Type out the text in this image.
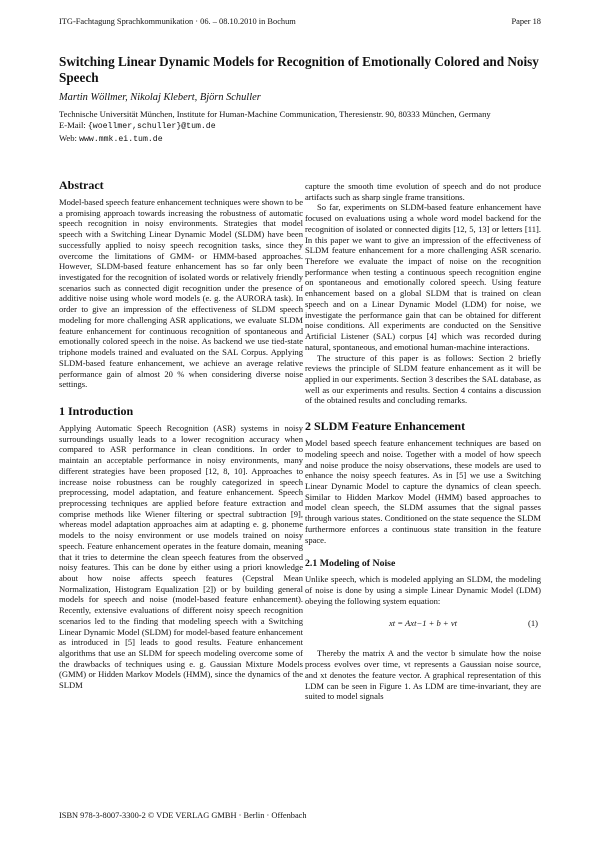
ITG-Fachtagung Sprachkommunikation · 06. – 08.10.2010 in Bochum	Paper 18
Switching Linear Dynamic Models for Recognition of Emotionally Colored and Noisy Speech
Martin Wöllmer, Nikolaj Klebert, Björn Schuller
Technische Universität München, Institute for Human-Machine Communication, Theresienstr. 90, 80333 München, Germany
E-Mail: {woellmer,schuller}@tum.de
Web: www.mmk.ei.tum.de
Abstract

Model-based speech feature enhancement techniques were shown to be a promising approach towards increasing the robustness of automatic speech recognition in noisy environments. Strategies that model speech with a Switching Linear Dynamic Model (SLDM) have been successfully applied to noisy speech recognition tasks, since they overcome the limitations of GMM- or HMM-based approaches. However, SLDM-based feature enhancement has so far only been investigated for the recognition of isolated words or relatively friendly scenarios such as connected digit recognition under the presence of additive noise using whole word models (e. g. the AURORA task). In order to give an impression of the effectiveness of SLDM speech modeling for more challenging ASR applications, we evaluate SLDM feature enhancement for continuous recognition of spontaneous and emotionally colored speech in the noise. As backend we use tied-state triphone models trained and evaluated on the SAL Corpus. Applying SLDM-based feature enhancement, we achieve an average relative performance gain of almost 20 % when considering diverse noise settings.

1 Introduction

Applying Automatic Speech Recognition (ASR) systems in noisy surroundings usually leads to a lower recognition accuracy when compared to ASR performance in clean conditions. In order to maintain an acceptable performance in noisy environments, many different strategies have been proposed [12, 8, 10]. Approaches to increase noise robustness can be roughly categorized in speech preprocessing, model adaptation, and feature enhancement. Speech preprocessing techniques are applied before feature extraction and comprise methods like Wiener filtering or spectral subtraction [9], whereas model adaptation approaches aim at adapting e. g. phoneme models to the noisy environment or use models trained on noisy speech. Feature enhancement operates in the feature domain, meaning that it tries to determine the clean speech features from the observed noisy features. This can be done by either using a priori knowledge about how noise affects speech features (Cepstral Mean Normalization, Histogram Equalization [2]) or by building general models for speech and noise (model-based feature enhancement). Recently, extensive evaluations of different noisy speech recognition scenarios led to the finding that modeling speech with a Switching Linear Dynamic Model (SLDM) for model-based feature enhancement as introduced in [5] leads to good results. Feature enhancement algorithms that use an SLDM for speech modeling overcome some of the drawbacks of techniques using e. g. Gaussian Mixture Models (GMM) or Hidden Markov Models (HMM), since the dynamics of the SLDM

capture the smooth time evolution of speech and do not produce artifacts such as sharp single frame transitions.

So far, experiments on SLDM-based feature enhancement have focused on evaluations using a whole word model backend for the recognition of isolated or connected digits [12, 5, 13] or letters [11]. In this paper we want to give an impression of the effectiveness of SLDM feature enhancement for a more challenging ASR scenario. Therefore we evaluate the impact of noise on the recognition performance when testing a continuous speech recognition engine on spontaneous and emotionally colored speech. Using feature enhancement based on a global SLDM that is trained on clean speech and on a Linear Dynamic Model (LDM) for noise, we investigate the performance gain that can be obtained for different noise conditions. All experiments are conducted on the Sensitive Artificial Listener (SAL) corpus [4] which was recorded during natural, spontaneous, and emotional human-machine interactions.

The structure of this paper is as follows: Section 2 briefly reviews the principle of SLDM feature enhancement as it will be applied in our experiments. Section 3 describes the SAL database, as well as our experiments and results. Section 4 contains a discussion of the obtained results and concluding remarks.

2 SLDM Feature Enhancement

Model based speech feature enhancement techniques are based on modeling speech and noise. Together with a model of how speech and noise produce the noisy observations, these models are used to enhance the noisy speech features. As in [5] we use a Switching Linear Dynamic Model to capture the dynamics of clean speech. Similar to Hidden Markov Model (HMM) based approaches to model clean speech, the SLDM assumes that the signal passes through various states. Conditioned on the state sequence the SLDM furthermore enforces a continuous state transition in the feature space.

2.1 Modeling of Noise

Unlike speech, which is modeled applying an SLDM, the modeling of noise is done by using a simple Linear Dynamic Model (LDM) obeying the following system equation:

xt = Axt−1 + b + vt	(1)

Thereby the matrix A and the vector b simulate how the noise process evolves over time, vt represents a Gaussian noise source, and xt denotes the feature vector. A graphical representation of this LDM can be seen in Figure 1. As LDM are time-invariant, they are suited to model signals

ISBN 978-3-8007-3300-2 © VDE VERLAG GMBH · Berlin · Offenbach
